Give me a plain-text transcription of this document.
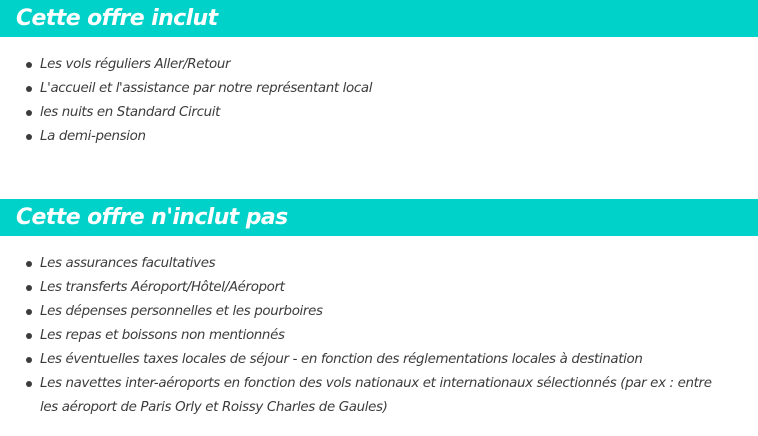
Cette offre inclut
Les vols réguliers Aller/Retour
L'accueil et l'assistance par notre représentant local
les nuits en Standard Circuit
La demi-pension
Cette offre n'inclut pas
Les assurances facultatives
Les transferts Aéroport/Hôtel/Aéroport
Les dépenses personnelles et les pourboires
Les repas et boissons non mentionnés
Les éventuelles taxes locales de séjour - en fonction des réglementations locales à destination
Les navettes inter-aéroports en fonction des vols nationaux et internationaux sélectionnés (par ex : entre les aéroport de Paris Orly et Roissy Charles de Gaules)
